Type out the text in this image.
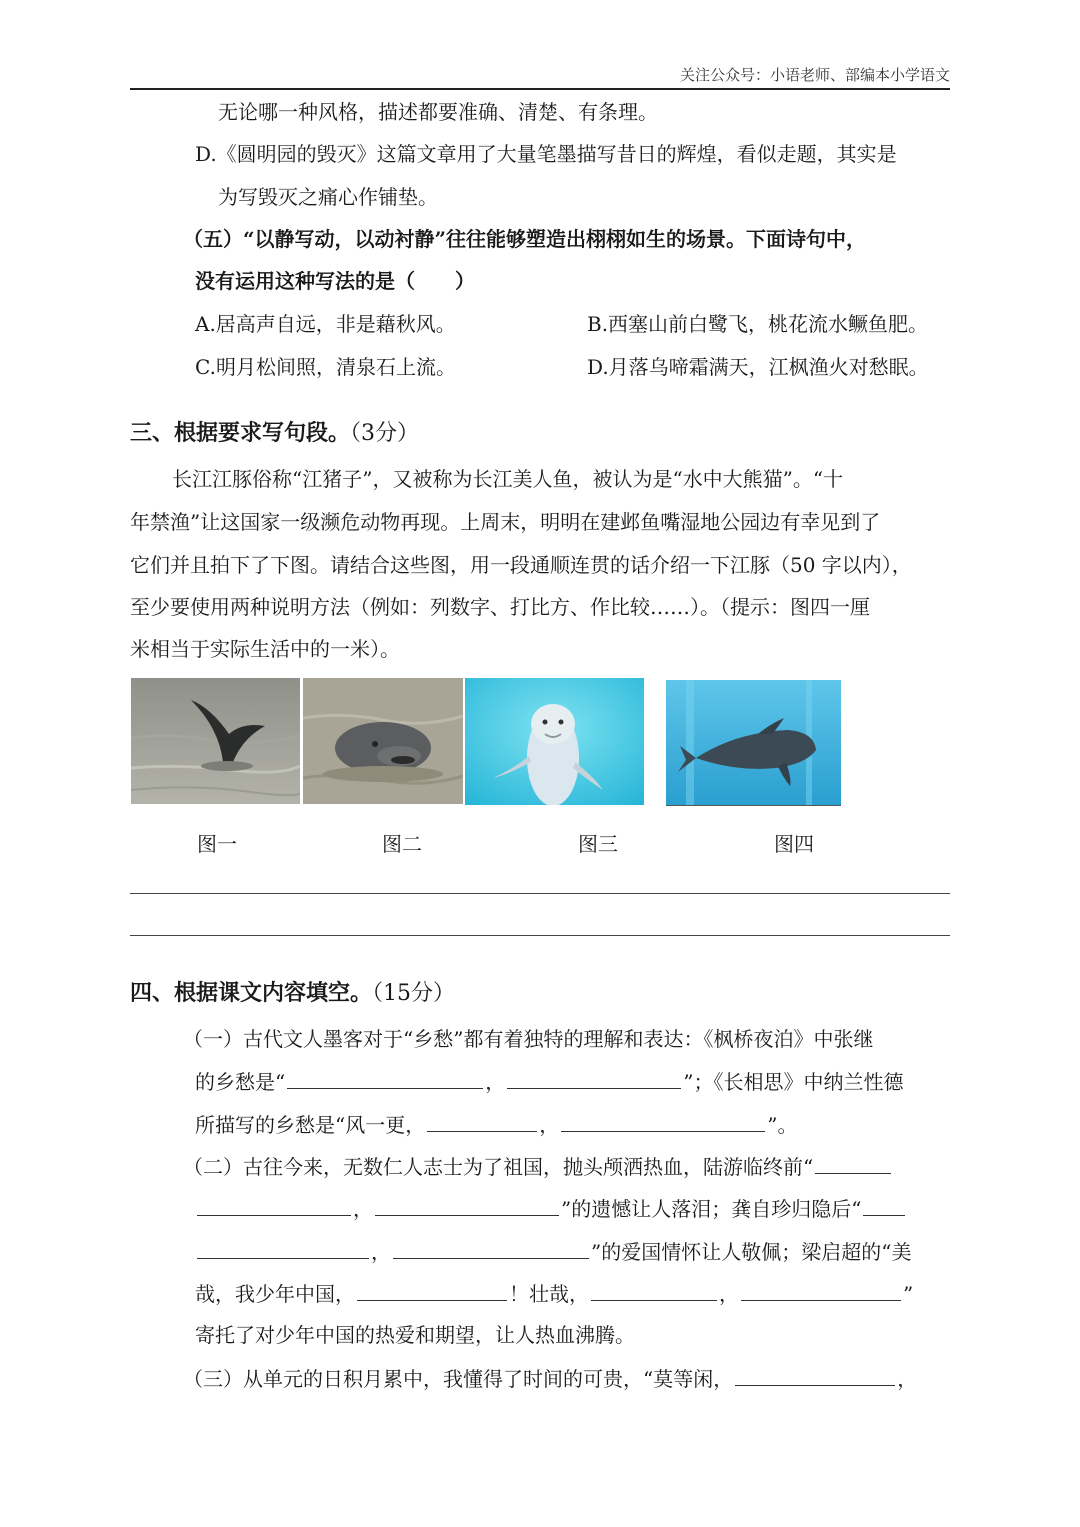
关注公众号：小语老师、部编本小学语文
无论哪一种风格，描述都要准确、清楚、有条理。
D.《圆明园的毁灭》这篇文章用了大量笔墨描写昔日的辉煌，看似走题，其实是
为写毁灭之痛心作铺垫。
（五）“以静写动，以动衬静”往往能够塑造出栩栩如生的场景。下面诗句中，
没有运用这种写法的是（　　）
A.居高声自远，非是藉秋风。	B.西塞山前白鹭飞，桃花流水鳜鱼肥。
C.明月松间照，清泉石上流。	D.月落乌啼霜满天，江枫渔火对愁眠。
三、根据要求写句段。（3分）
长江江豚俗称“江猪子”，又被称为长江美人鱼，被认为是“水中大熊猫”。“十
年禁渔”让这国家一级濒危动物再现。上周末，明明在建邺鱼嘴湿地公园边有幸见到了
它们并且拍下了下图。请结合这些图，用一段通顺连贯的话介绍一下江豚（50 字以内），
至少要使用两种说明方法（例如：列数字、打比方、作比较……）。（提示：图四一厘
米相当于实际生活中的一米）。
图一	图二	图三	图四
四、根据课文内容填空。（15分）
（一）古代文人墨客对于“乡愁”都有着独特的理解和表达：《枫桥夜泊》中张继
的乡愁是“	，	”；《长相思》中纳兰性德
所描写的乡愁是“风一更，	，	”。
（二）古往今来，无数仁人志士为了祖国，抛头颅洒热血，陆游临终前“
，	”的遗憾让人落泪；龚自珍归隐后“
，	”的爱国情怀让人敬佩；梁启超的“美
哉，我少年中国，	！壮哉，	，	”
寄托了对少年中国的热爱和期望，让人热血沸腾。
（三）从单元的日积月累中，我懂得了时间的可贵，“莫等闲，	，
